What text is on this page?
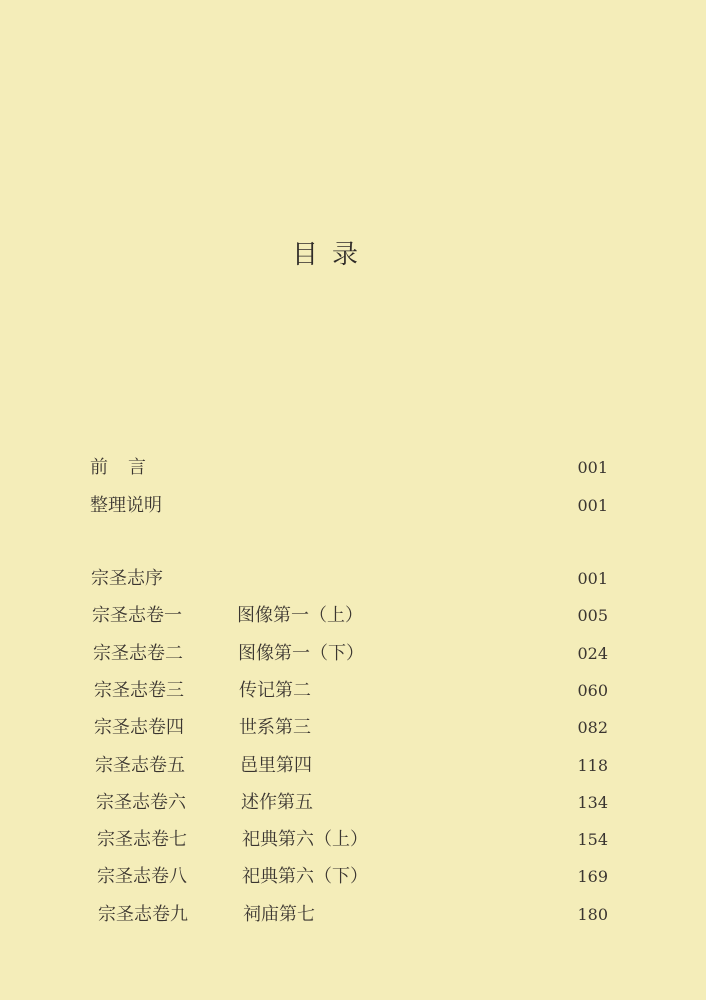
目录
前言	001
整理说明	001
宗圣志序	001
宗圣志卷一	图像第一（上）	005
宗圣志卷二	图像第一（下）	024
宗圣志卷三	传记第二	060
宗圣志卷四	世系第三	082
宗圣志卷五	邑里第四	118
宗圣志卷六	述作第五	134
宗圣志卷七	祀典第六（上）	154
宗圣志卷八	祀典第六（下）	169
宗圣志卷九	祠庙第七	180
